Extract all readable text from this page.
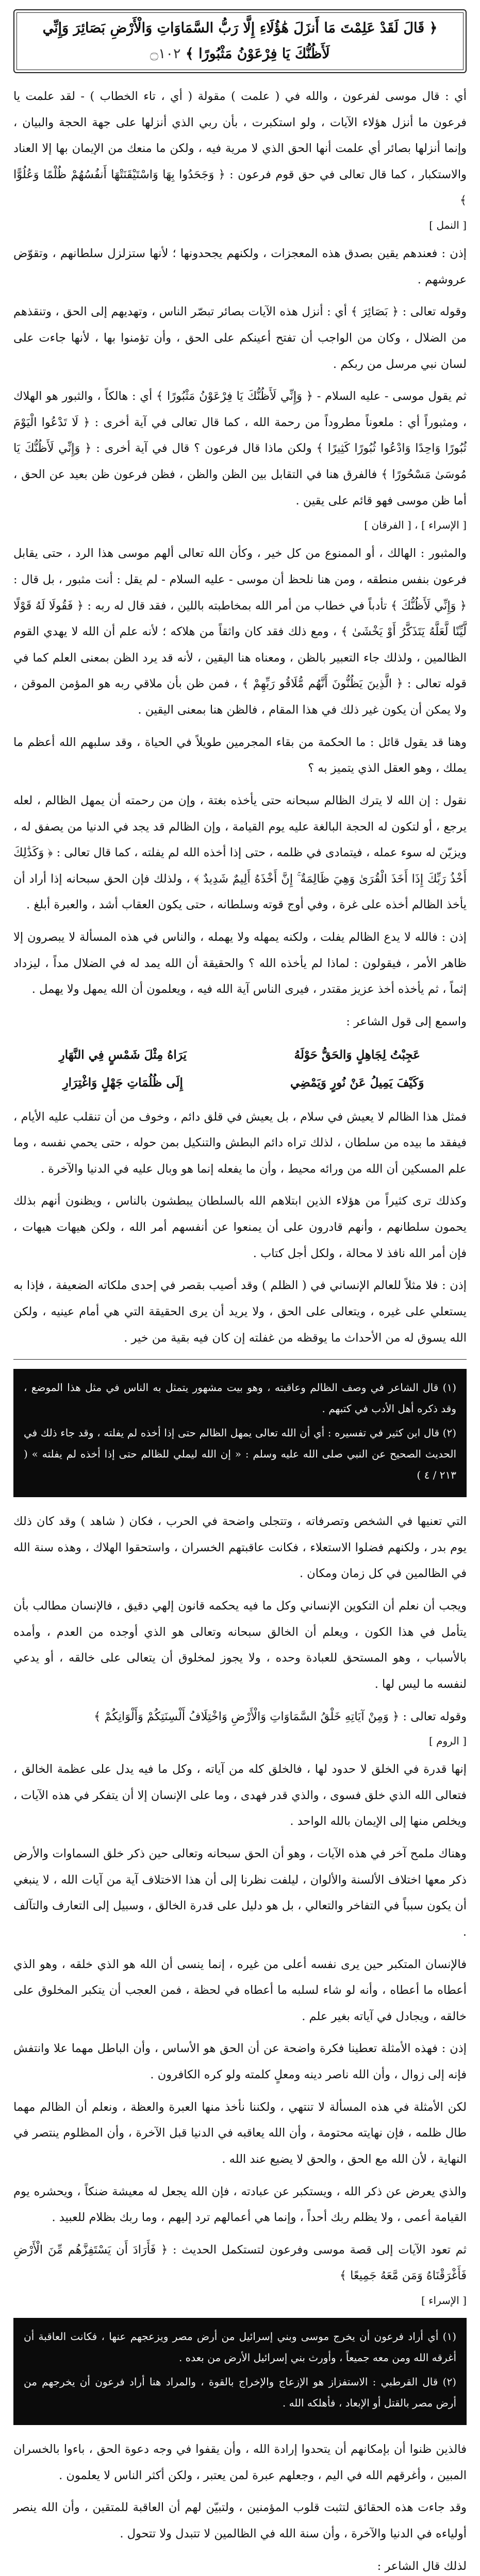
﴿ قَالَ لَقَدْ عَلِمْتَ مَا أَنزَلَ هَٰؤُلَاءِ إِلَّا رَبُّ السَّمَاوَاتِ وَالْأَرْضِ بَصَائِرَ وَإِنِّي لَأَظُنُّكَ يَا فِرْعَوْنُ مَثْبُورًا ﴾ ۝١٠٢

أي : قال موسى لفرعون ، والله في ( علمت ) مقولة ( أي ، تاء الخطاب ) - لقد علمت يا فرعون ما أنزل هؤلاء الآيات ، ولو استكبرت ، بأن ربي الذي أنزلها على جهة الحجة والبيان ، وإنما أنزلها بصائر أي علمت أنها الحق الذي لا مرية فيه ، ولكن ما منعك من الإيمان بها إلا العناد والاستكبار ، كما قال تعالى في حق قوم فرعون : ﴿ وَجَحَدُوا بِهَا وَاسْتَيْقَنَتْهَا أَنفُسُهُمْ ظُلْمًا وَعُلُوًّا ﴾

[ النمل ]

إذن : فعندهم يقين بصدق هذه المعجزات ، ولكنهم يجحدونها ؛ لأنها ستزلزل سلطانهم ، وتقوّض عروشهم .

وقوله تعالى : ﴿ بَصَائِرَ ﴾ أي : أنزل هذه الآيات بصائر تبصّر الناس ، وتهديهم إلى الحق ، وتنقذهم من الضلال ، وكان من الواجب أن تفتح أعينكم على الحق ، وأن تؤمنوا بها ، لأنها جاءت على لسان نبي مرسل من ربكم .

ثم يقول موسى - عليه السلام - ﴿ وَإِنِّي لَأَظُنُّكَ يَا فِرْعَوْنُ مَثْبُورًا ﴾ أي : هالكاً ، والثبور هو الهلاك ، ومثبوراً أي : ملعوناً مطروداً من رحمة الله ، كما قال تعالى في آية أخرى : ﴿ لَا تَدْعُوا الْيَوْمَ ثُبُورًا وَاحِدًا وَادْعُوا ثُبُورًا كَثِيرًا ﴾ ولكن ماذا قال فرعون ؟ قال في آية أخرى : ﴿ وَإِنِّي لَأَظُنُّكَ يَا مُوسَىٰ مَسْحُورًا ﴾ فالفرق هنا في التقابل بين الظن والظن ، فظن فرعون ظن بعيد عن الحق ، أما ظن موسى فهو قائم على يقين .

[ الإسراء ] ، [ الفرقان ]

والمثبور : الهالك ، أو الممنوع من كل خير ، وكأن الله تعالى ألهم موسى هذا الرد ، حتى يقابل فرعون بنفس منطقه ، ومن هنا نلحظ أن موسى - عليه السلام - لم يقل : أنت مثبور ، بل قال : ﴿ وَإِنِّي لَأَظُنُّكَ ﴾ تأدباً في خطاب من أمر الله بمخاطبته باللين ، فقد قال له ربه : ﴿ فَقُولَا لَهُ قَوْلًا لَّيِّنًا لَّعَلَّهُ يَتَذَكَّرُ أَوْ يَخْشَىٰ ﴾ ، ومع ذلك فقد كان واثقاً من هلاكه ؛ لأنه علم أن الله لا يهدي القوم الظالمين ، ولذلك جاء التعبير بالظن ، ومعناه هنا اليقين ، لأنه قد يرد الظن بمعنى العلم كما في قوله تعالى : ﴿ الَّذِينَ يَظُنُّونَ أَنَّهُم مُّلَاقُو رَبِّهِمْ ﴾ ، فمن ظن بأن ملاقي ربه هو المؤمن الموقن ، ولا يمكن أن يكون غير ذلك في هذا المقام ، فالظن هنا بمعنى اليقين .

وهنا قد يقول قائل : ما الحكمة من بقاء المجرمين طويلاً في الحياة ، وقد سلبهم الله أعظم ما يملك ، وهو العقل الذي يتميز به ؟

نقول : إن الله لا يترك الظالم سبحانه حتى يأخذه بغتة ، وإن من رحمته أن يمهل الظالم ، لعله يرجع ، أو لتكون له الحجة البالغة عليه يوم القيامة ، وإن الظالم قد يجد في الدنيا من يصفق له ، ويزيّن له سوء عمله ، فيتمادى في ظلمه ، حتى إذا أخذه الله لم يفلته ، كما قال تعالى : ﴿ وَكَذَٰلِكَ أَخْذُ رَبِّكَ إِذَا أَخَذَ الْقُرَىٰ وَهِيَ ظَالِمَةٌ ۚ إِنَّ أَخْذَهُ أَلِيمٌ شَدِيدٌ ﴾ ، ولذلك فإن الحق سبحانه إذا أراد أن يأخذ الظالم أخذه على غرة ، وفي أوج قوته وسلطانه ، حتى يكون العقاب أشد ، والعبرة أبلغ .

إذن : فالله لا يدع الظالم يفلت ، ولكنه يمهله ولا يهمله ، والناس في هذه المسألة لا يبصرون إلا ظاهر الأمر ، فيقولون : لماذا لم يأخذه الله ؟ والحقيقة أن الله يمد له في الضلال مداً ، ليزداد إثماً ، ثم يأخذه أخذ عزيز مقتدر ، فيرى الناس آية الله فيه ، ويعلمون أن الله يمهل ولا يهمل .

واسمع إلى قول الشاعر :

عَجِبْتُ لِجَاهِلٍ وَالحَقُّ حَوْلَهُ
يَرَاهُ مِثْلَ شَمْسٍ فِي النَّهَارِ
وَكَيْفَ يَمِيلُ عَنْ نُورٍ وَيَمْضِي
إِلَى ظُلُمَاتِ جَهْلٍ وَاغْتِرَارِ

فمثل هذا الظالم لا يعيش في سلام ، بل يعيش في قلق دائم ، وخوف من أن تنقلب عليه الأيام ، فيفقد ما بيده من سلطان ، لذلك تراه دائم البطش والتنكيل بمن حوله ، حتى يحمي نفسه ، وما علم المسكين أن الله من ورائه محيط ، وأن ما يفعله إنما هو وبال عليه في الدنيا والآخرة .

وكذلك ترى كثيراً من هؤلاء الذين ابتلاهم الله بالسلطان يبطشون بالناس ، ويظنون أنهم بذلك يحمون سلطانهم ، وأنهم قادرون على أن يمنعوا عن أنفسهم أمر الله ، ولكن هيهات هيهات ، فإن أمر الله نافذ لا محالة ، ولكل أجل كتاب .

إذن : فلا مثلاً للعالم الإنساني في ( الظلم ) وقد أصيب بقصر في إحدى ملكاته الضعيفة ، فإذا به يستعلي على غيره ، ويتعالى على الحق ، ولا يريد أن يرى الحقيقة التي هي أمام عينيه ، ولكن الله يسوق له من الأحداث ما يوقظه من غفلته إن كان فيه بقية من خير .

(١) قال الشاعر في وصف الظالم وعاقبته ، وهو بيت مشهور يتمثل به الناس في مثل هذا الموضع ، وقد ذكره أهل الأدب في كتبهم .
(٢) قال ابن كثير في تفسيره : أي أن الله تعالى يمهل الظالم حتى إذا أخذه لم يفلته ، وقد جاء ذلك في الحديث الصحيح عن النبي صلى الله عليه وسلم : « إن الله ليملي للظالم حتى إذا أخذه لم يفلته » ( ٢١٣ / ٤ )

التي تعنيها في الشخص وتصرفاته ، وتتجلى واضحة في الحرب ، فكان ( شاهد ) وقد كان ذلك يوم بدر ، ولكنهم فضلوا الاستعلاء ، فكانت عاقبتهم الخسران ، واستحقوا الهلاك ، وهذه سنة الله في الظالمين في كل زمان ومكان .

ويجب أن نعلم أن التكوين الإنساني وكل ما فيه يحكمه قانون إلهي دقيق ، فالإنسان مطالب بأن يتأمل في هذا الكون ، ويعلم أن الخالق سبحانه وتعالى هو الذي أوجده من العدم ، وأمده بالأسباب ، وهو المستحق للعبادة وحده ، ولا يجوز لمخلوق أن يتعالى على خالقه ، أو يدعي لنفسه ما ليس لها .

وقوله تعالى : ﴿ وَمِنْ آيَاتِهِ خَلْقُ السَّمَاوَاتِ وَالْأَرْضِ وَاخْتِلَافُ أَلْسِنَتِكُمْ وَأَلْوَانِكُمْ ﴾

[ الروم ]

إنها قدرة في الخلق لا حدود لها ، فالخلق كله من آياته ، وكل ما فيه يدل على عظمة الخالق ، فتعالى الله الذي خلق فسوى ، والذي قدر فهدى ، وما على الإنسان إلا أن يتفكر في هذه الآيات ، ويخلص منها إلى الإيمان بالله الواحد .

وهناك ملمح آخر في هذه الآيات ، وهو أن الحق سبحانه وتعالى حين ذكر خلق السماوات والأرض ذكر معها اختلاف الألسنة والألوان ، ليلفت نظرنا إلى أن هذا الاختلاف آية من آيات الله ، لا ينبغي أن يكون سبباً في التفاخر والتعالي ، بل هو دليل على قدرة الخالق ، وسبيل إلى التعارف والتآلف .

فالإنسان المتكبر حين يرى نفسه أعلى من غيره ، إنما ينسى أن الله هو الذي خلقه ، وهو الذي أعطاه ما أعطاه ، وأنه لو شاء لسلبه ما أعطاه في لحظة ، فمن العجب أن يتكبر المخلوق على خالقه ، ويجادل في آياته بغير علم .

إذن : فهذه الأمثلة تعطينا فكرة واضحة عن أن الحق هو الأساس ، وأن الباطل مهما علا وانتفش فإنه إلى زوال ، وأن الله ناصر دينه ومعلٍ كلمته ولو كره الكافرون .

لكن الأمثلة في هذه المسألة لا تنتهي ، ولكننا نأخذ منها العبرة والعظة ، ونعلم أن الظالم مهما طال ظلمه ، فإن نهايته محتومة ، وأن الله يعاقبه في الدنيا قبل الآخرة ، وأن المظلوم ينتصر في النهاية ، لأن الله مع الحق ، والحق لا يضيع عند الله .

والذي يعرض عن ذكر الله ، ويستكبر عن عبادته ، فإن الله يجعل له معيشة ضنكاً ، ويحشره يوم القيامة أعمى ، ولا يظلم ربك أحداً ، وإنما هي أعمالهم ترد إليهم ، وما ربك بظلام للعبيد .

ثم تعود الآيات إلى قصة موسى وفرعون لتستكمل الحديث : ﴿ فَأَرَادَ أَن يَسْتَفِزَّهُم مِّنَ الْأَرْضِ فَأَغْرَقْنَاهُ وَمَن مَّعَهُ جَمِيعًا ﴾

[ الإسراء ]
(١) أي أراد فرعون أن يخرج موسى وبني إسرائيل من أرض مصر ويزعجهم عنها ، فكانت العاقبة أن أغرقه الله ومن معه جميعاً ، وأورث بني إسرائيل الأرض من بعده .
(٢) قال القرطبي : الاستفزاز هو الإزعاج والإخراج بالقوة ، والمراد هنا أراد فرعون أن يخرجهم من أرض مصر بالقتل أو الإبعاد ، فأهلكه الله .

فالذين ظنوا أن بإمكانهم أن يتحدوا إرادة الله ، وأن يقفوا في وجه دعوة الحق ، باءوا بالخسران المبين ، وأغرقهم الله في اليم ، وجعلهم عبرة لمن يعتبر ، ولكن أكثر الناس لا يعلمون .

وقد جاءت هذه الحقائق لتثبت قلوب المؤمنين ، ولتبيّن لهم أن العاقبة للمتقين ، وأن الله ينصر أولياءه في الدنيا والآخرة ، وأن سنة الله في الظالمين لا تتبدل ولا تتحول .

لذلك قال الشاعر :
